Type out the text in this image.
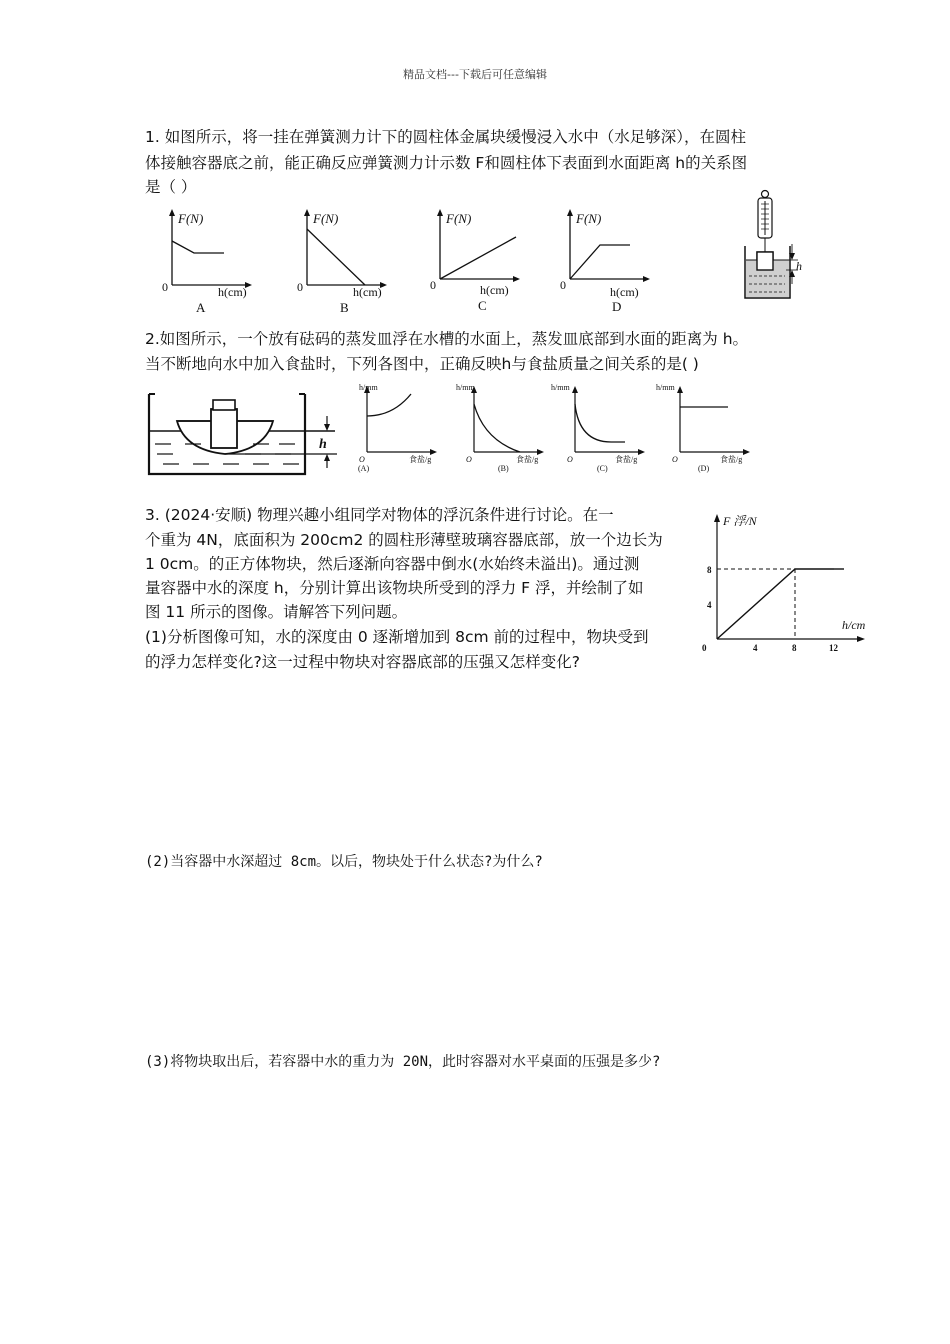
精品文档---下载后可任意编辑
1. 如图所示，将一挂在弹簧测力计下的圆柱体金属块缓慢浸入水中（水足够深），在圆柱
体接触容器底之前，能正确反应弹簧测力计示数 F和圆柱体下表面到水面距离 h的关系图
是（ ）
F(N)
0	h(cm)
A
F(N)
0	h(cm)
B
F(N)
0	h(cm)
C
F(N)
0	h(cm)
D
h
2.如图所示，一个放有砝码的蒸发皿浮在水槽的水面上，蒸发皿底部到水面的距离为 h。
当不断地向水中加入食盐时，下列各图中，正确反映h与食盐质量之间关系的是( )
h
h/mm
O	食盐/g
(A)
h/mm
O	食盐/g
(B)
h/mm
O	食盐/g
(C)
h/mm
O	食盐/g
(D)
3. (2024·安顺) 物理兴趣小组同学对物体的浮沉条件进行讨论。在一
个重为 4N，底面积为 200cm2 的圆柱形薄壁玻璃容器底部，放一个边长为
1 0cm。的正方体物块，然后逐渐向容器中倒水(水始终未溢出)。通过测
量容器中水的深度 h，分别计算出该物块所受到的浮力 F 浮，并绘制了如
图 11 所示的图像。请解答下列问题。
(1)分析图像可知，水的深度由 0 逐渐增加到 8cm 前的过程中，物块受到
的浮力怎样变化?这一过程中物块对容器底部的压强又怎样变化?
(2)当容器中水深超过 8cm。以后，物块处于什么状态?为什么?
(3)将物块取出后，若容器中水的重力为 20N，此时容器对水平桌面的压强是多少?
F 浮/N
h/cm
0	4	8	12
4
8
